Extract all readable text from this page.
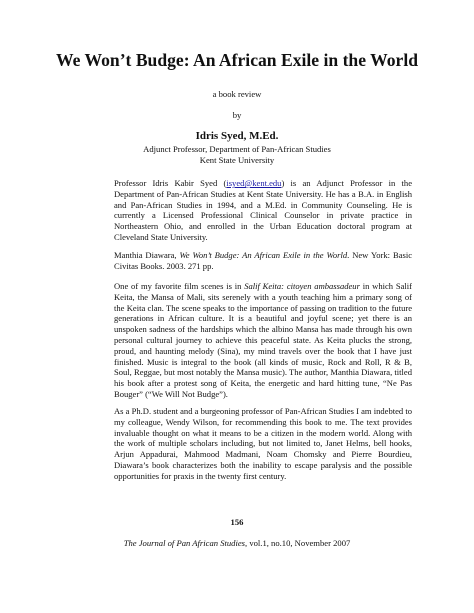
We Won’t Budge: An African Exile in the World
a book review
by
Idris Syed, M.Ed.
Adjunct Professor, Department of Pan-African Studies
Kent State University
Professor Idris Kabir Syed (isyed@kent.edu) is an Adjunct Professor in the Department of Pan-African Studies at Kent State University. He has a B.A. in English and Pan-African Studies in 1994, and a M.Ed. in Community Counseling. He is currently a Licensed Professional Clinical Counselor in private practice in Northeastern Ohio, and enrolled in the Urban Education doctoral program at Cleveland State University.
Manthia Diawara, We Won’t Budge: An African Exile in the World. New York: Basic Civitas Books. 2003. 271 pp.
One of my favorite film scenes is in Salif Keita: citoyen ambassadeur in which Salif Keita, the Mansa of Mali, sits serenely with a youth teaching him a primary song of the Keita clan. The scene speaks to the importance of passing on tradition to the future generations in African culture. It is a beautiful and joyful scene; yet there is an unspoken sadness of the hardships which the albino Mansa has made through his own personal cultural journey to achieve this peaceful state. As Keita plucks the strong, proud, and haunting melody (Sina), my mind travels over the book that I have just finished. Music is integral to the book (all kinds of music, Rock and Roll, R & B, Soul, Reggae, but most notably the Mansa music). The author, Manthia Diawara, titled his book after a protest song of Keita, the energetic and hard hitting tune, “Ne Pas Bouger” (“We Will Not Budge”).
As a Ph.D. student and a burgeoning professor of Pan-African Studies I am indebted to my colleague, Wendy Wilson, for recommending this book to me. The text provides invaluable thought on what it means to be a citizen in the modern world. Along with the work of multiple scholars including, but not limited to, Janet Helms, bell hooks, Arjun Appadurai, Mahmood Madmani, Noam Chomsky and Pierre Bourdieu, Diawara’s book characterizes both the inability to escape paralysis and the possible opportunities for praxis in the twenty first century.
156
The Journal of Pan African Studies, vol.1, no.10, November 2007
